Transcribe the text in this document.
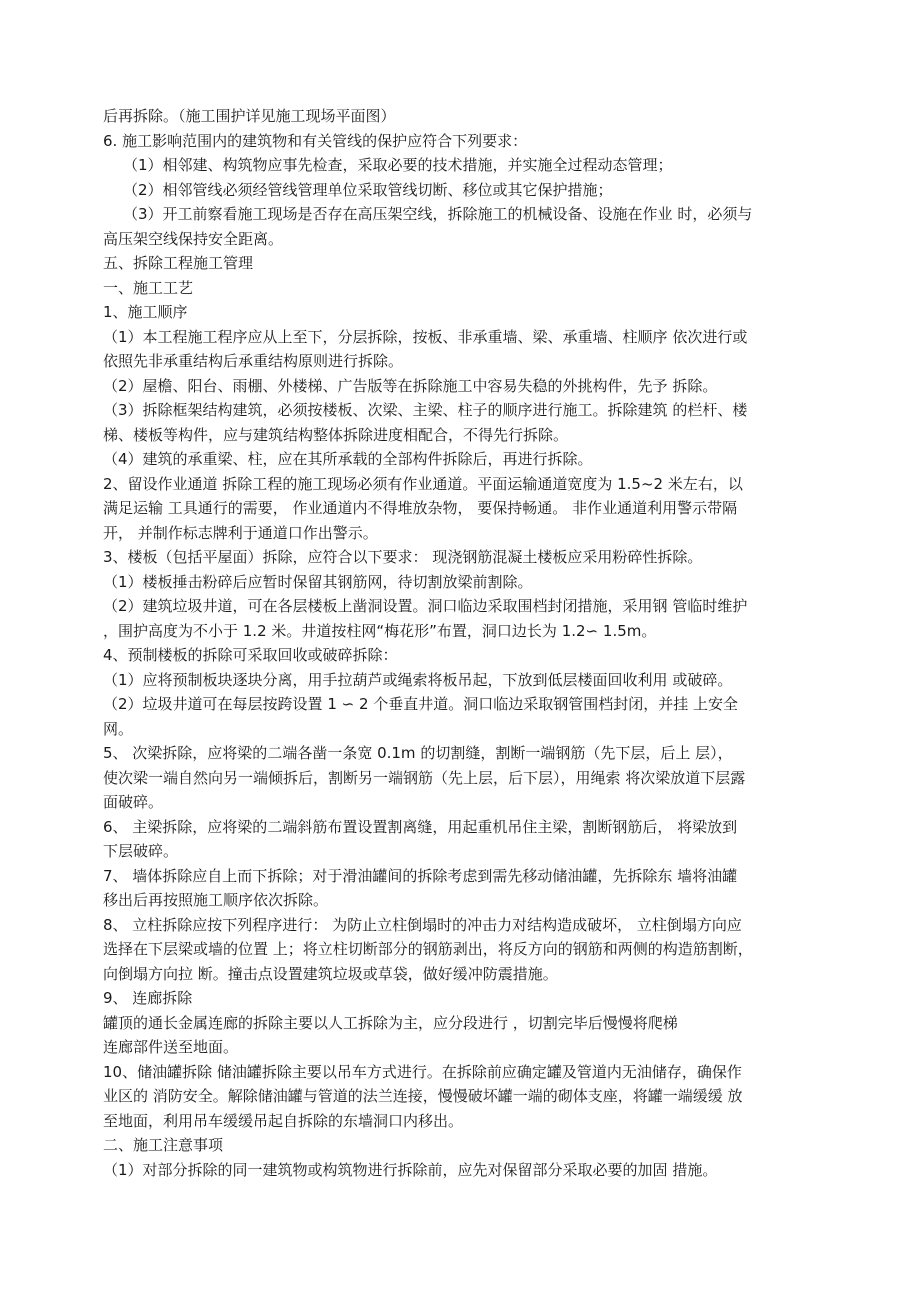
后再拆除。（施工围护详见施工现场平面图）
6. 施工影响范围内的建筑物和有关管线的保护应符合下列要求：
（1）相邻建、构筑物应事先检查，采取必要的技术措施，并实施全过程动态管理；
（2）相邻管线必须经管线管理单位采取管线切断、移位或其它保护措施；
（3）开工前察看施工现场是否存在高压架空线，拆除施工的机械设备、设施在作业 时，必须与
高压架空线保持安全距离。
五、拆除工程施工管理
一、施工工艺
1、施工顺序
（1）本工程施工程序应从上至下，分层拆除，按板、非承重墙、梁、承重墙、柱顺序 依次进行或
依照先非承重结构后承重结构原则进行拆除。
（2）屋檐、阳台、雨棚、外楼梯、广告版等在拆除施工中容易失稳的外挑构件，先予 拆除。
（3）拆除框架结构建筑，必须按楼板、次梁、主梁、柱子的顺序进行施工。拆除建筑 的栏杆、楼
梯、楼板等构件，应与建筑结构整体拆除进度相配合，不得先行拆除。
（4）建筑的承重梁、柱，应在其所承载的全部构件拆除后，再进行拆除。
2、留设作业通道 拆除工程的施工现场必须有作业通道。平面运输通道宽度为 1.5~2 米左右，以
满足运输 工具通行的需要， 作业通道内不得堆放杂物， 要保持畅通。 非作业通道利用警示带隔
开， 并制作标志牌利于通道口作出警示。
3、楼板（包括平屋面）拆除，应符合以下要求： 现浇钢筋混凝土楼板应采用粉碎性拆除。
（1）楼板捶击粉碎后应暂时保留其钢筋网，待切割放梁前割除。
（2）建筑垃圾井道，可在各层楼板上凿洞设置。洞口临边采取围档封闭措施，采用钢 管临时维护
，围护高度为不小于 1.2 米。井道按柱网“梅花形”布置，洞口边长为 1.2∽ 1.5m。
4、预制楼板的拆除可采取回收或破碎拆除：
（1）应将预制板块逐块分离，用手拉葫芦或绳索将板吊起，下放到低层楼面回收利用 或破碎。
（2）垃圾井道可在每层按跨设置 1 ∽ 2 个垂直井道。洞口临边采取钢管围档封闭，并挂 上安全
网。
5、 次梁拆除，应将梁的二端各凿一条宽 0.1m 的切割缝，割断一端钢筋（先下层，后上 层），
使次梁一端自然向另一端倾拆后，割断另一端钢筋（先上层，后下层），用绳索 将次梁放道下层露
面破碎。
6、 主梁拆除，应将梁的二端斜筋布置设置割离缝，用起重机吊住主梁，割断钢筋后， 将梁放到
下层破碎。
7、 墙体拆除应自上而下拆除；对于滑油罐间的拆除考虑到需先移动储油罐，先拆除东 墙将油罐
移出后再按照施工顺序依次拆除。
8、 立柱拆除应按下列程序进行： 为防止立柱倒塌时的冲击力对结构造成破坏， 立柱倒塌方向应
选择在下层梁或墙的位置 上；将立柱切断部分的钢筋剥出，将反方向的钢筋和两侧的构造筋割断，
向倒塌方向拉 断。撞击点设置建筑垃圾或草袋，做好缓冲防震措施。
9、 连廊拆除
罐顶的通长金属连廊的拆除主要以人工拆除为主，应分段进行 ，切割完毕后慢慢将爬梯
连廊部件送至地面。
10、储油罐拆除 储油罐拆除主要以吊车方式进行。在拆除前应确定罐及管道内无油储存，确保作
业区的 消防安全。解除储油罐与管道的法兰连接，慢慢破坏罐一端的砌体支座，将罐一端缓缓 放
至地面，利用吊车缓缓吊起自拆除的东墙洞口内移出。
二、施工注意事项
（1）对部分拆除的同一建筑物或构筑物进行拆除前，应先对保留部分采取必要的加固 措施。
